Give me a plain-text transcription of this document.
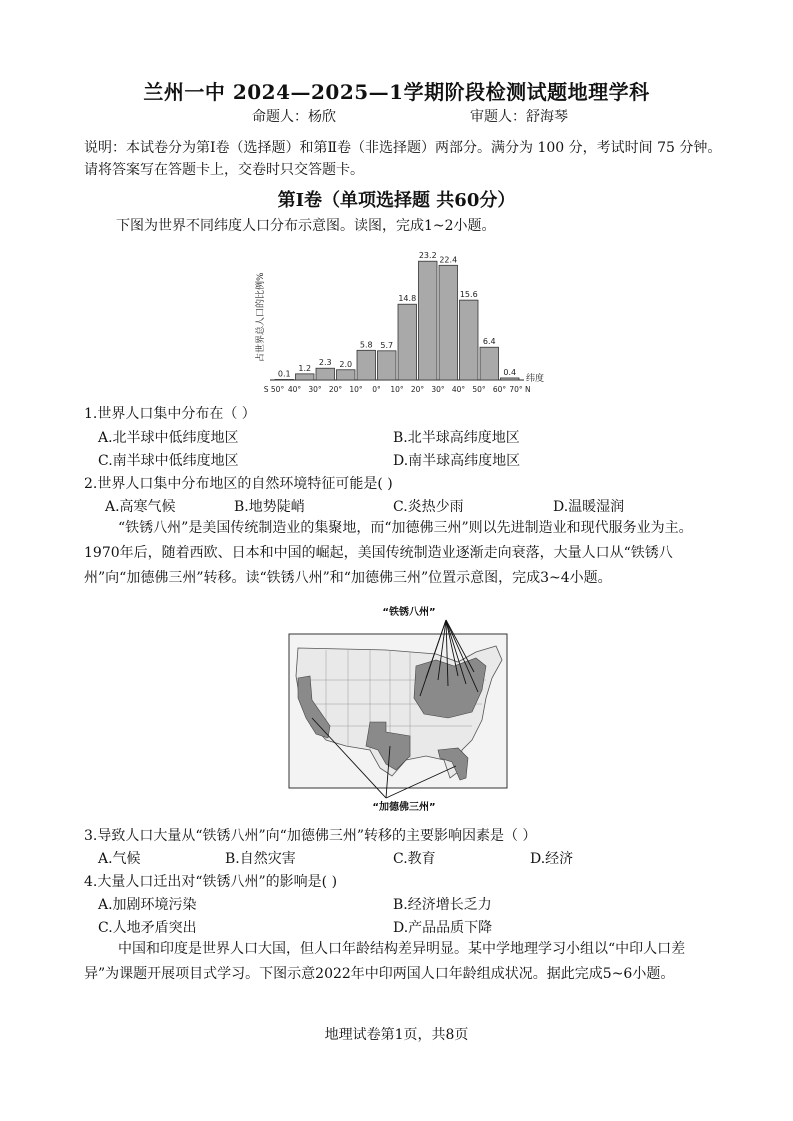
兰州一中 2024—2025—1学期阶段检测试题地理学科
命题人：杨欣	审题人：舒海琴
说明：本试卷分为第Ⅰ卷（选择题）和第Ⅱ卷（非选择题）两部分。满分为 100 分，考试时间 75 分钟。请将答案写在答题卡上，交卷时只交答题卡。
第Ⅰ卷（单项选择题 共60分）
下图为世界不同纬度人口分布示意图。读图，完成1~2小题。
占世界总人口的比例%
0.1
1.2
2.3 2.0
5.8 5.7
14.8
23.2 22.4
15.6
6.4
0.4
S 50° 40° 30° 20° 10° 0° 10° 20° 30° 40° 50° 60° 70° N
纬度
1.世界人口集中分布在（ ）
A.北半球中低纬度地区	B.北半球高纬度地区
C.南半球中低纬度地区	D.南半球高纬度地区
2.世界人口集中分布地区的自然环境特征可能是( )
A.高寒气候	B.地势陡峭	C.炎热少雨	D.温暖湿润
“铁锈八州”是美国传统制造业的集聚地，而“加德佛三州”则以先进制造业和现代服务业为主。1970年后，随着西欧、日本和中国的崛起，美国传统制造业逐渐走向衰落，大量人口从“铁锈八州”向“加德佛三州”转移。读“铁锈八州”和“加德佛三州”位置示意图，完成3~4小题。
“铁锈八州”
“加德佛三州”
3.导致人口大量从“铁锈八州”向“加德佛三州”转移的主要影响因素是（ ）
A.气候	B.自然灾害	C.教育	D.经济
4.大量人口迁出对“铁锈八州”的影响是( )
A.加剧环境污染	B.经济增长乏力
C.人地矛盾突出	D.产品品质下降
中国和印度是世界人口大国，但人口年龄结构差异明显。某中学地理学习小组以“中印人口差异”为课题开展项目式学习。下图示意2022年中印两国人口年龄组成状况。据此完成5~6小题。
地理试卷第1页，共8页
